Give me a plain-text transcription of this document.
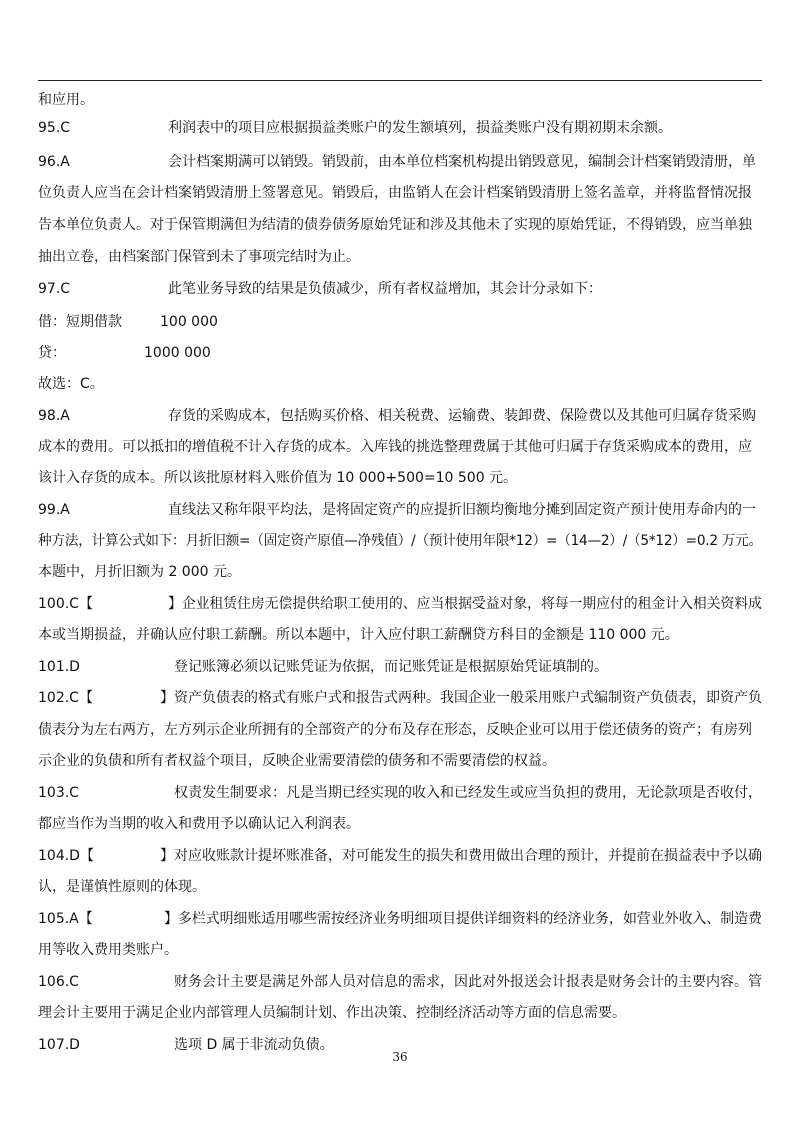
和应用。
95.C	利润表中的项目应根据损益类账户的发生额填列，损益类账户没有期初期末余额。
96.A	会计档案期满可以销毁。销毁前，由本单位档案机构提出销毁意见，编制会计档案销毁清册，单
位负责人应当在会计档案销毁清册上签署意见。销毁后，由监销人在会计档案销毁清册上签名盖章，并将监督情况报
告本单位负责人。对于保管期满但为结清的债券债务原始凭证和涉及其他未了实现的原始凭证，不得销毁，应当单独
抽出立卷，由档案部门保管到未了事项完结时为止。
97.C	此笔业务导致的结果是负债减少，所有者权益增加，其会计分录如下：
借：短期借款	100 000
贷：	1000 000
故选：C。
98.A	存货的采购成本，包括购买价格、相关税费、运输费、装卸费、保险费以及其他可归属存货采购
成本的费用。可以抵扣的增值税不计入存货的成本。入库钱的挑选整理费属于其他可归属于存货采购成本的费用，应
该计入存货的成本。所以该批原材料入账价值为 10 000+500=10 500 元。
99.A	直线法又称年限平均法，是将固定资产的应提折旧额均衡地分摊到固定资产预计使用寿命内的一
种方法，计算公式如下：月折旧额=（固定资产原值—净残值）/（预计使用年限*12）=（14—2）/（5*12）=0.2 万元。
本题中，月折旧额为 2 000 元。
100.C【	】企业租赁住房无偿提供给职工使用的、应当根据受益对象，将每一期应付的租金计入相关资料成
本或当期损益，并确认应付职工薪酬。所以本题中，计入应付职工薪酬贷方科目的金额是 110 000 元。
101.D	登记账簿必须以记账凭证为依据，而记账凭证是根据原始凭证填制的。
102.C【	】资产负债表的格式有账户式和报告式两种。我国企业一般采用账户式编制资产负债表，即资产负
债表分为左右两方，左方列示企业所拥有的全部资产的分布及存在形态，反映企业可以用于偿还债务的资产；有房列
示企业的负债和所有者权益个项目，反映企业需要清偿的债务和不需要清偿的权益。
103.C	权责发生制要求：凡是当期已经实现的收入和已经发生或应当负担的费用，无论款项是否收付，
都应当作为当期的收入和费用予以确认记入利润表。
104.D【	】对应收账款计提坏账准备，对可能发生的损失和费用做出合理的预计，并提前在损益表中予以确
认，是谨慎性原则的体现。
105.A【	】多栏式明细账适用哪些需按经济业务明细项目提供详细资料的经济业务，如营业外收入、制造费
用等收入费用类账户。
106.C	财务会计主要是满足外部人员对信息的需求，因此对外报送会计报表是财务会计的主要内容。管
理会计主要用于满足企业内部管理人员编制计划、作出决策、控制经济活动等方面的信息需要。
107.D	选项 D 属于非流动负债。
36
